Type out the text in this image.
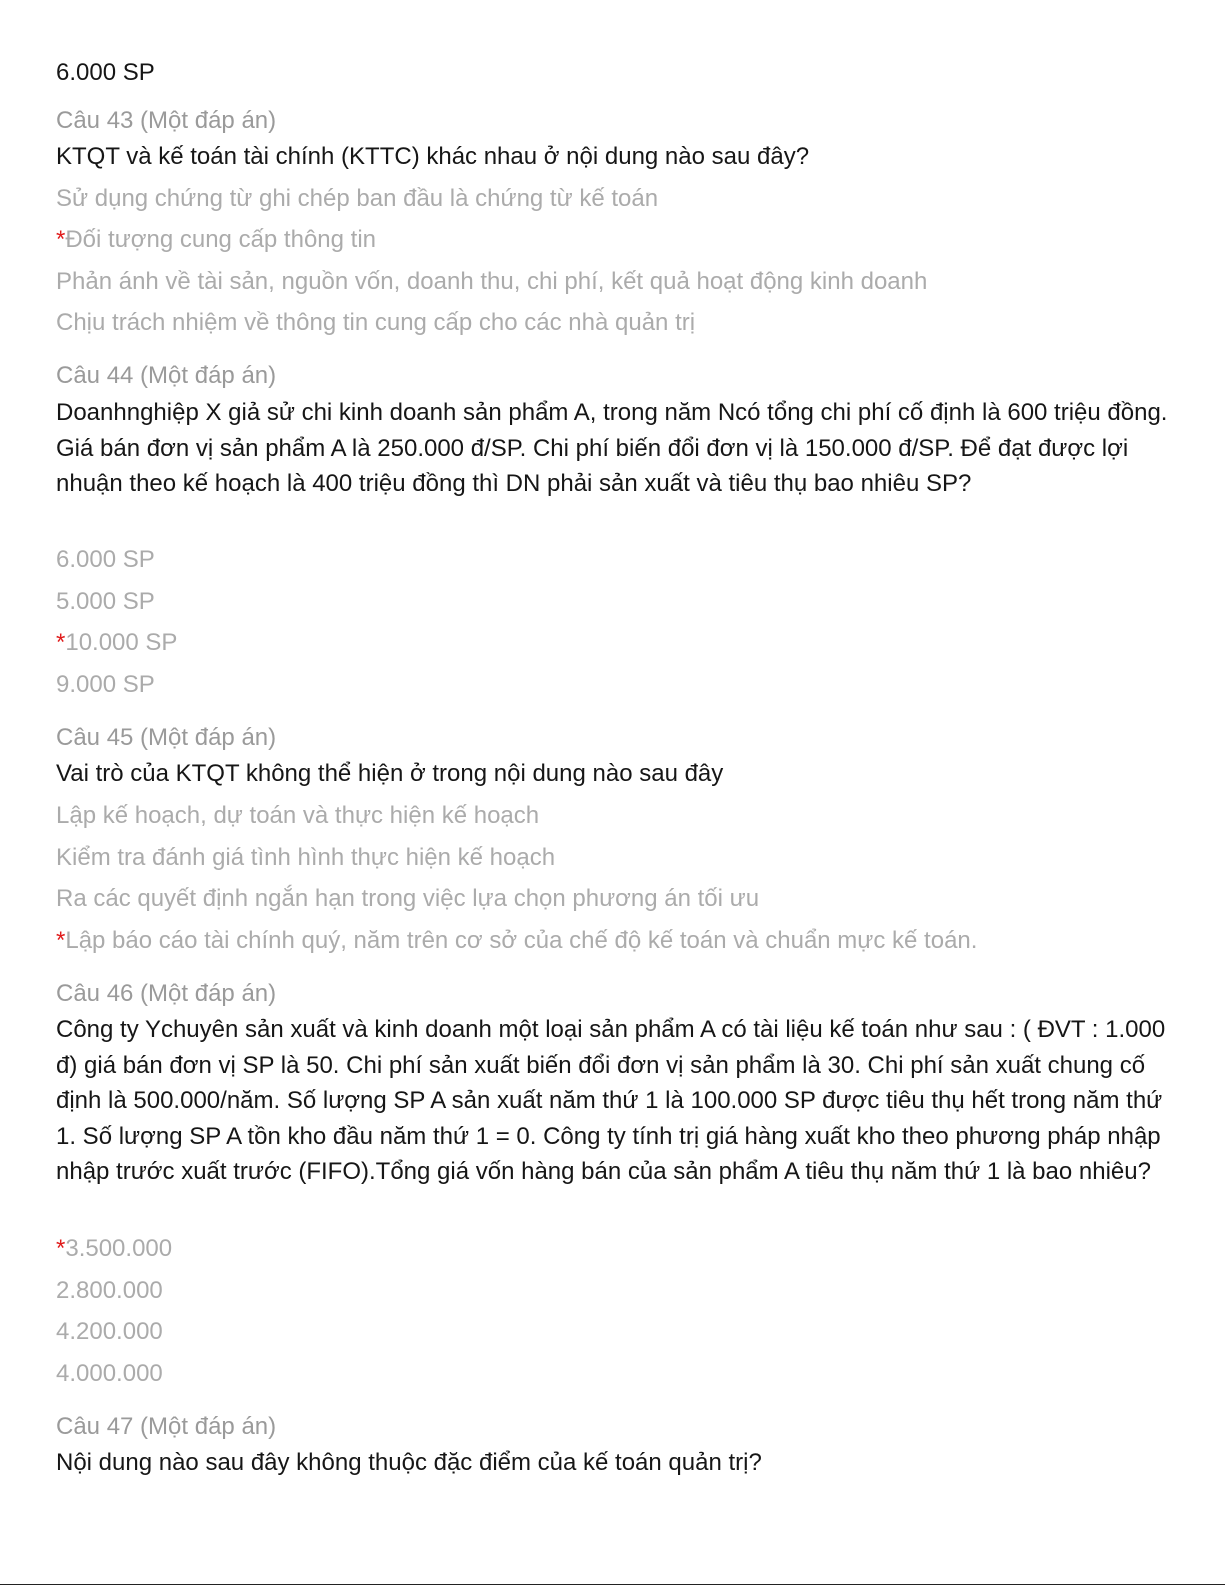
6.000 SP
Câu 43 (Một đáp án)
KTQT và kế toán tài chính (KTTC) khác nhau ở nội dung nào sau đây?
Sử dụng chứng từ ghi chép ban đầu là chứng từ kế toán
*Đối tượng cung cấp thông tin
Phản ánh về tài sản, nguồn vốn, doanh thu, chi phí, kết quả hoạt động kinh doanh
Chịu trách nhiệm về thông tin cung cấp cho các nhà quản trị
Câu 44 (Một đáp án)
Doanhnghiệp X giả sử chi kinh doanh sản phẩm A, trong năm Ncó tổng chi phí cố định là 600 triệu đồng. Giá bán đơn vị sản phẩm A là 250.000 đ/SP. Chi phí biến đổi đơn vị là 150.000 đ/SP. Để đạt được lợi nhuận theo kế hoạch là 400 triệu đồng thì DN phải sản xuất và tiêu thụ bao nhiêu SP?
6.000 SP
5.000 SP
*10.000 SP
9.000 SP
Câu 45 (Một đáp án)
Vai trò của KTQT không thể hiện ở trong nội dung nào sau đây
Lập kế hoạch, dự toán và thực hiện kế hoạch
Kiểm tra đánh giá tình hình thực hiện kế hoạch
Ra các quyết định ngắn hạn trong việc lựa chọn phương án tối ưu
*Lập báo cáo tài chính quý, năm trên cơ sở của chế độ kế toán và chuẩn mực kế toán.
Câu 46 (Một đáp án)
Công ty Ychuyên sản xuất và kinh doanh một loại sản phẩm A có tài liệu kế toán như sau : ( ĐVT : 1.000 đ) giá bán đơn vị SP là 50. Chi phí sản xuất biến đổi đơn vị sản phẩm là 30. Chi phí sản xuất chung cố định là 500.000/năm. Số lượng SP A sản xuất năm thứ 1 là 100.000 SP được tiêu thụ hết trong năm thứ 1. Số lượng SP A tồn kho đầu năm thứ 1 = 0. Công ty tính trị giá hàng xuất kho theo phương pháp nhập nhập trước xuất trước (FIFO).Tổng giá vốn hàng bán của sản phẩm A tiêu thụ năm thứ 1 là bao nhiêu?
*3.500.000
2.800.000
4.200.000
4.000.000
Câu 47 (Một đáp án)
Nội dung nào sau đây không thuộc đặc điểm của kế toán quản trị?
